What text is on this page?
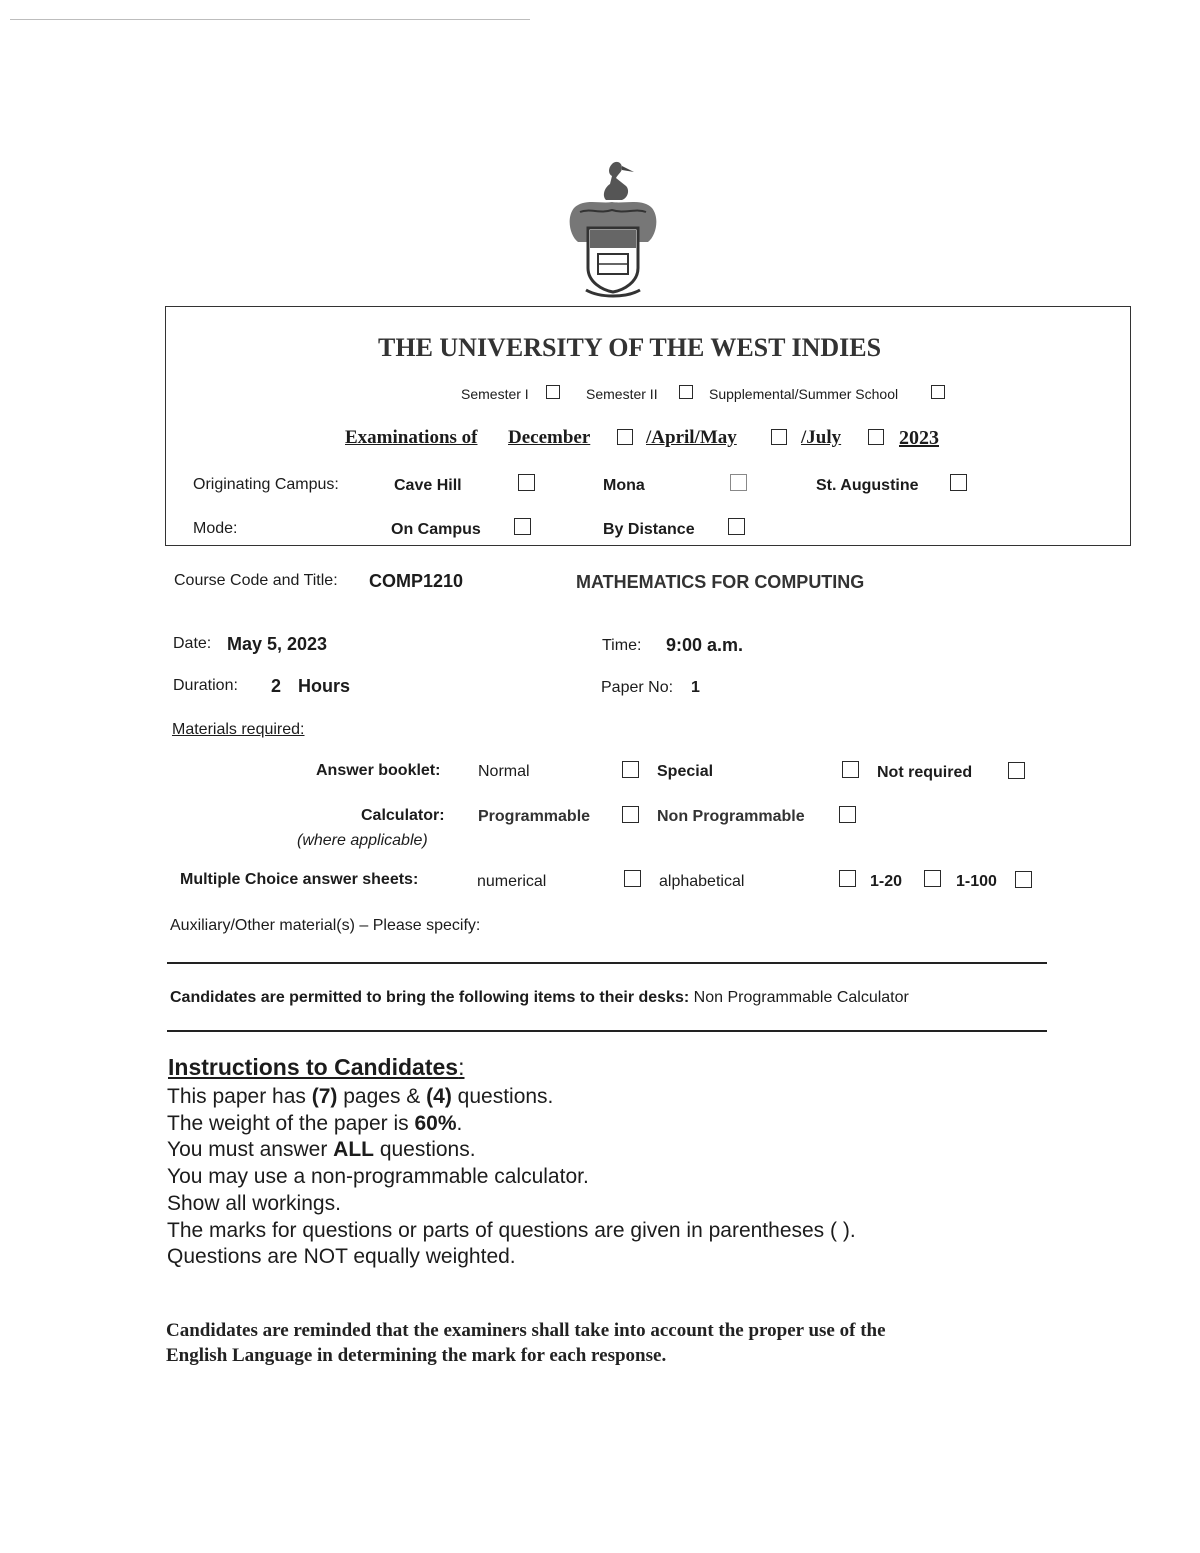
THE UNIVERSITY OF THE WEST INDIES
Semester I	Semester II	Supplemental/Summer School
Examinations of December	/April/May	/July	2023
Originating Campus:	Cave Hill	Mona	St. Augustine
Mode:	On Campus	By Distance
Course Code and Title: COMP1210	MATHEMATICS FOR COMPUTING
Date: May 5, 2023	Time: 9:00 a.m.
Duration: 2 Hours	Paper No: 1
Materials required:
Answer booklet: Normal	Special	Not required
Calculator:
(where applicable)
Programmable	Non Programmable
Multiple Choice answer sheets:	numerical	alphabetical	1-20	1-100
Auxiliary/Other material(s) – Please specify:
Candidates are permitted to bring the following items to their desks: Non Programmable Calculator
Instructions to Candidates:
This paper has (7) pages & (4) questions.
The weight of the paper is 60%.
You must answer ALL questions.
You may use a non-programmable calculator.
Show all workings.
The marks for questions or parts of questions are given in parentheses ( ).
Questions are NOT equally weighted.
Candidates are reminded that the examiners shall take into account the proper use of the
English Language in determining the mark for each response.
